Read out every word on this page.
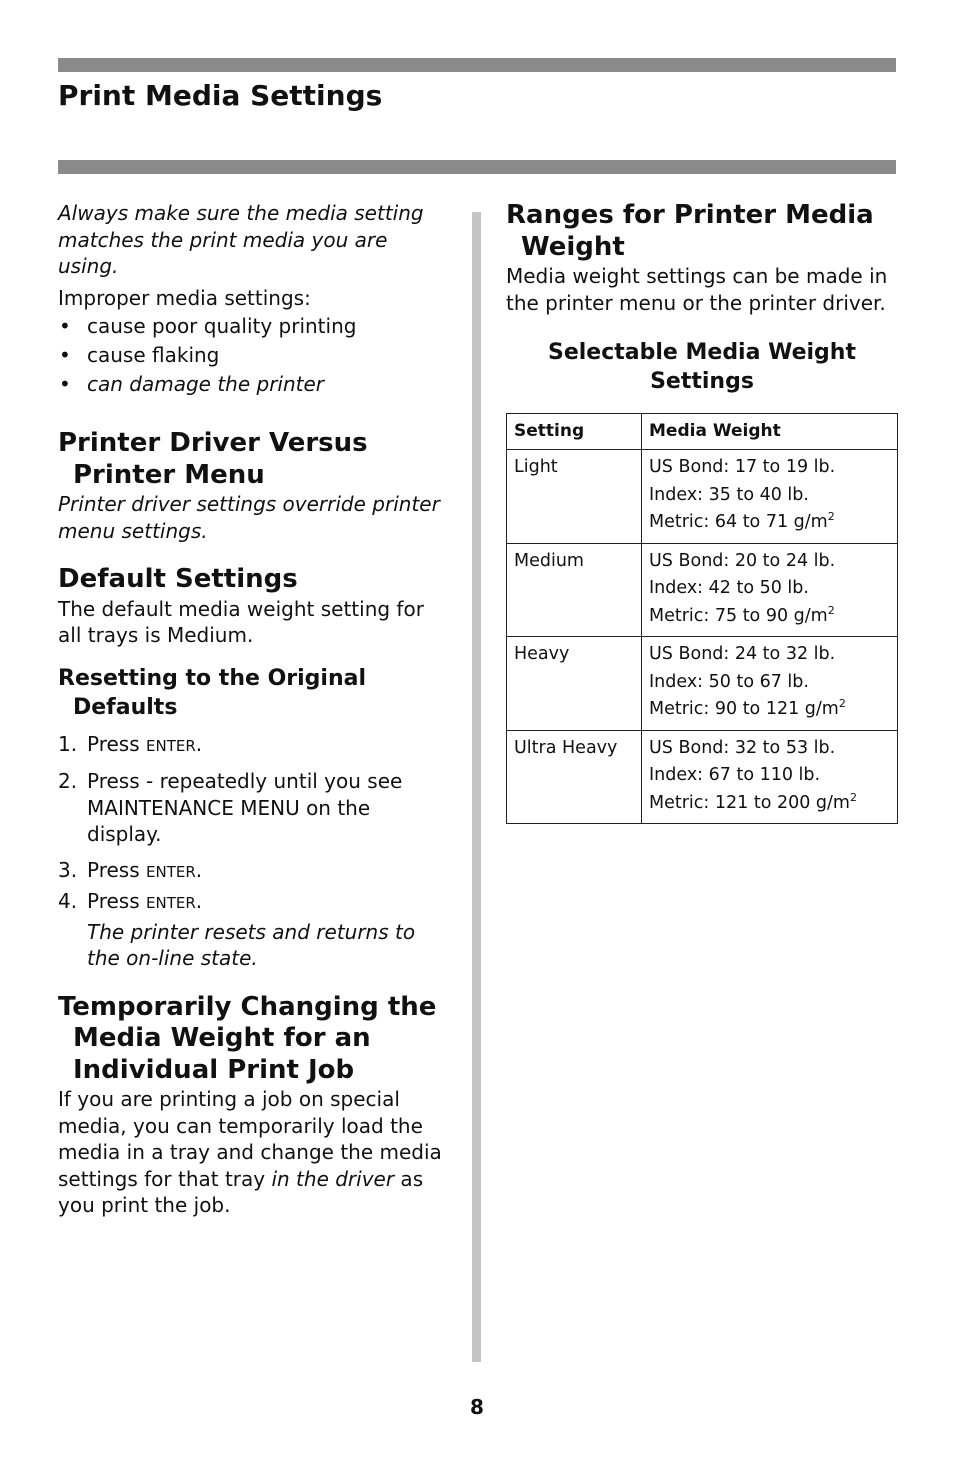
Print Media Settings

Always make sure the media setting matches the print media you are using.

Improper media settings:

• cause poor quality printing
• cause flaking
• can damage the printer
Printer Driver Versus Printer Menu

Printer driver settings override printer menu settings.

Default Settings

The default media weight setting for all trays is Medium.

Resetting to the Original Defaults
1. Press ENTER.
2. Press - repeatedly until you see MAINTENANCE MENU on the display.
3. Press ENTER.
4. Press ENTER.

The printer resets and returns to the on-line state.

Temporarily Changing the Media Weight for an Individual Print Job

If you are printing a job on special media, you can temporarily load the media in a tray and change the media settings for that tray in the driver as you print the job.

Ranges for Printer Media Weight

Media weight settings can be made in the printer menu or the printer driver.

Selectable Media Weight Settings

Setting	Media Weight
Light	US Bond: 17 to 19 lb.
Index: 35 to 40 lb.
Metric: 64 to 71 $g/m^2$

Medium	US Bond: 20 to 24 lb.
Index: 42 to 50 lb.
Metric: 75 to 90 $g/m^2$

Heavy	US Bond: 24 to 32 lb.
Index: 50 to 67 lb.
Metric: 90 to 121 $g/m^2$

Ultra Heavy	US Bond: 32 to 53 lb.
Index: 67 to 110 lb.
Metric: 121 to 200 $g/m^2$
8
